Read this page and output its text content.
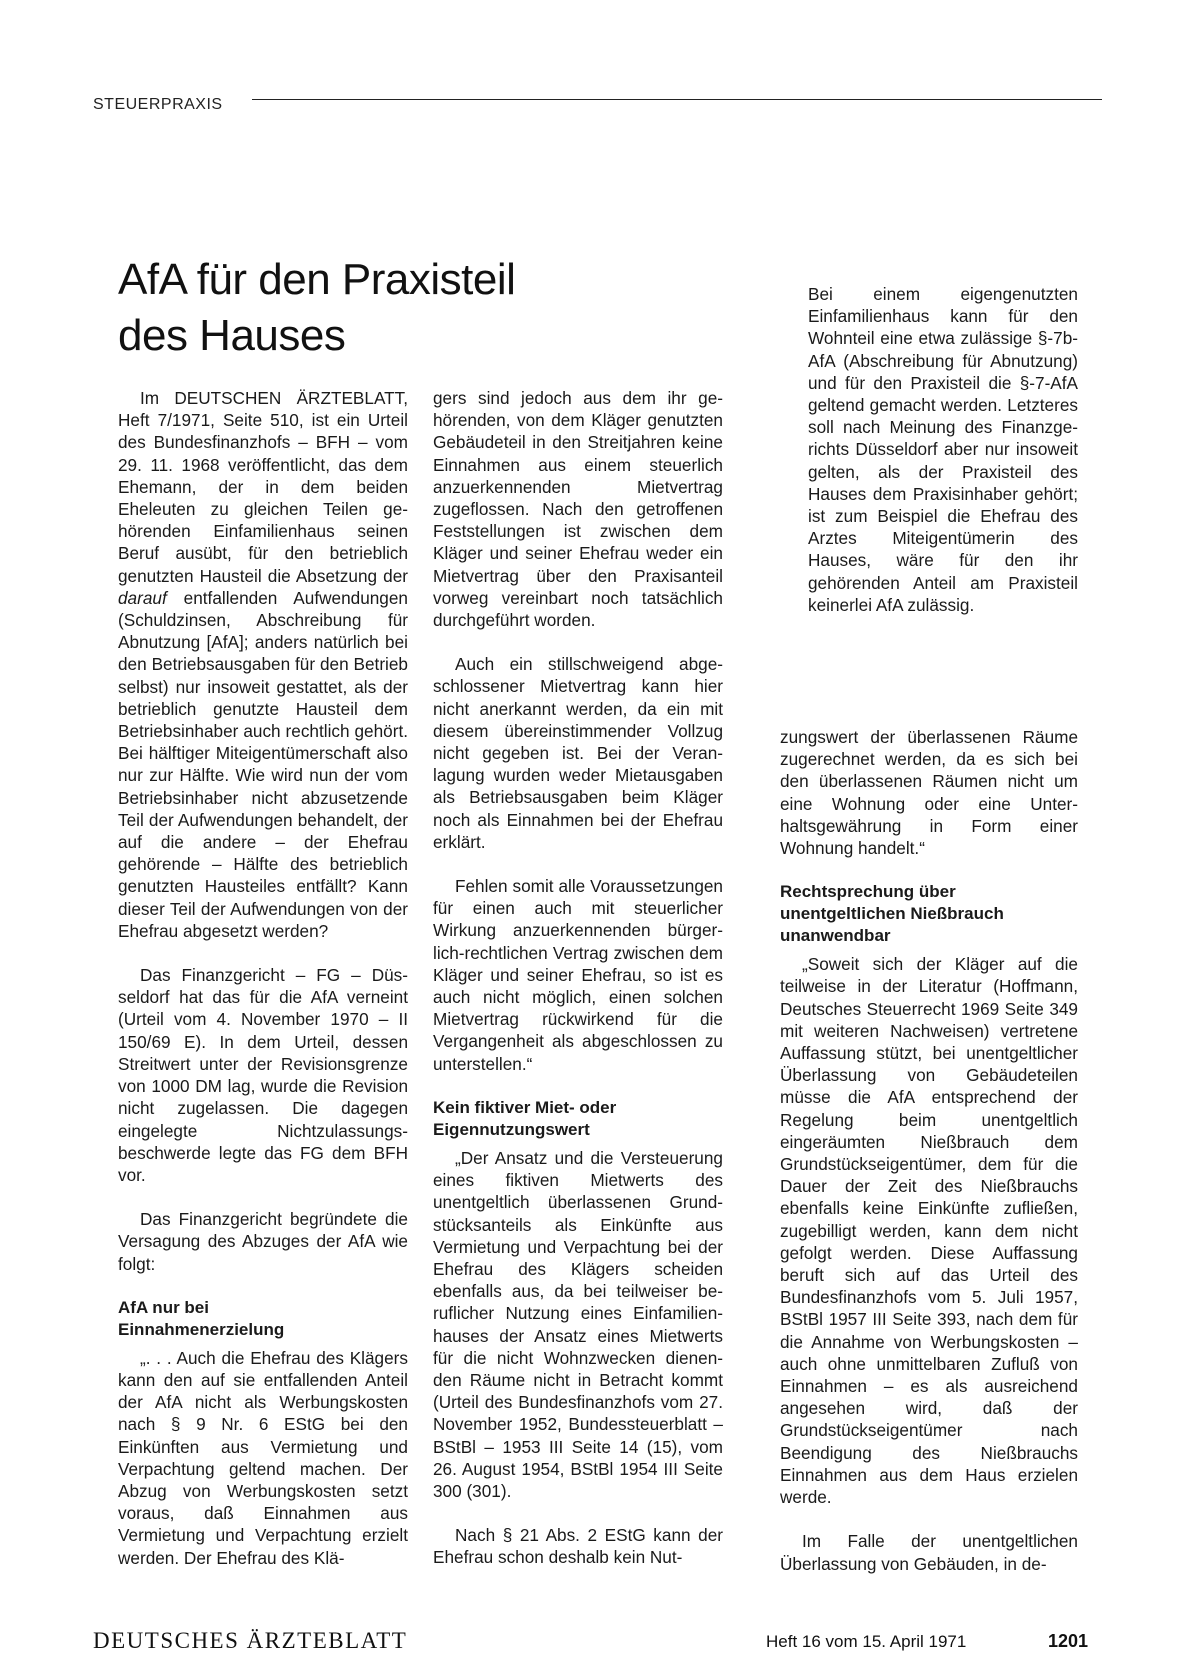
STEUERPRAXIS
AfA für den Praxisteil
des Hauses

Im DEUTSCHEN ÄRZTEBLATT, Heft 7/1971, Seite 510, ist ein Urteil des Bundesfinanzhofs – BFH – vom 29. 11. 1968 veröffentlicht, das dem Ehemann, der in dem beiden Eheleuten zu gleichen Teilen gehörenden Einfamilienhaus seinen Beruf ausübt, für den betrieblich genutzten Hausteil die Absetzung der darauf entfallenden Aufwendungen (Schuldzinsen, Abschreibung für Abnutzung [AfA]; anders natürlich bei den Betriebsausgaben für den Betrieb selbst) nur insoweit gestattet, als der betrieblich genutzte Hausteil dem Betriebsinhaber auch rechtlich gehört. Bei hälftiger Miteigentümerschaft also nur zur Hälfte. Wie wird nun der vom Betriebsinhaber nicht abzusetzende Teil der Aufwendungen behandelt, der auf die andere – der Ehefrau gehörende – Hälfte des betrieblich genutzten Hausteiles entfällt? Kann dieser Teil der Aufwendungen von der Ehefrau abgesetzt werden?

Das Finanzgericht – FG – Düsseldorf hat das für die AfA verneint (Urteil vom 4. November 1970 – II 150/69 E). In dem Urteil, dessen Streitwert unter der Revisionsgrenze von 1000 DM lag, wurde die Revision nicht zugelassen. Die dagegen eingelegte Nichtzulassungsbeschwerde legte das FG dem BFH vor.

Das Finanzgericht begründete die Versagung des Abzuges der AfA wie folgt:

AfA nur bei
Einnahmenerzielung

„. . . Auch die Ehefrau des Klägers kann den auf sie entfallenden Anteil der AfA nicht als Werbungskosten nach § 9 Nr. 6 EStG bei den Einkünften aus Vermietung und Verpachtung geltend machen. Der Abzug von Werbungskosten setzt voraus, daß Einnahmen aus Vermietung und Verpachtung erzielt werden. Der Ehefrau des Klä-

gers sind jedoch aus dem ihr gehörenden, von dem Kläger genutzten Gebäudeteil in den Streitjahren keine Einnahmen aus einem steuerlich anzuerkennenden Mietvertrag zugeflossen. Nach den getroffenen Feststellungen ist zwischen dem Kläger und seiner Ehefrau weder ein Mietvertrag über den Praxisanteil vorweg vereinbart noch tatsächlich durchgeführt worden.

Auch ein stillschweigend abgeschlossener Mietvertrag kann hier nicht anerkannt werden, da ein mit diesem übereinstimmender Vollzug nicht gegeben ist. Bei der Veranlagung wurden weder Mietausgaben als Betriebsausgaben beim Kläger noch als Einnahmen bei der Ehefrau erklärt.

Fehlen somit alle Voraussetzungen für einen auch mit steuerlicher Wirkung anzuerkennenden bürgerlich-rechtlichen Vertrag zwischen dem Kläger und seiner Ehefrau, so ist es auch nicht möglich, einen solchen Mietvertrag rückwirkend für die Vergangenheit als abgeschlossen zu unterstellen.“

Kein fiktiver Miet- oder
Eigennutzungswert

„Der Ansatz und die Versteuerung eines fiktiven Mietwerts des unentgeltlich überlassenen Grundstücksanteils als Einkünfte aus Vermietung und Verpachtung bei der Ehefrau des Klägers scheiden ebenfalls aus, da bei teilweiser beruflicher Nutzung eines Einfamilienhauses der Ansatz eines Mietwerts für die nicht Wohnzwecken dienenden Räume nicht in Betracht kommt (Urteil des Bundesfinanzhofs vom 27. November 1952, Bundessteuerblatt – BStBl – 1953 III Seite 14 (15), vom 26. August 1954, BStBl 1954 III Seite 300 (301).

Nach § 21 Abs. 2 EStG kann der Ehefrau schon deshalb kein Nut-

Bei einem eigengenutzten Einfamilienhaus kann für den Wohnteil eine etwa zulässige §-7b-AfA (Abschreibung für Abnutzung) und für den Praxisteil die §-7-AfA geltend gemacht werden. Letzteres soll nach Meinung des Finanzgerichts Düsseldorf aber nur insoweit gelten, als der Praxisteil des Hauses dem Praxisinhaber gehört; ist zum Beispiel die Ehefrau des Arztes Miteigentümerin des Hauses, wäre für den ihr gehörenden Anteil am Praxisteil keinerlei AfA zulässig.

zungswert der überlassenen Räume zugerechnet werden, da es sich bei den überlassenen Räumen nicht um eine Wohnung oder eine Unterhaltsgewährung in Form einer Wohnung handelt.“

Rechtsprechung über
unentgeltlichen Nießbrauch
unanwendbar

„Soweit sich der Kläger auf die teilweise in der Literatur (Hoffmann, Deutsches Steuerrecht 1969 Seite 349 mit weiteren Nachweisen) vertretene Auffassung stützt, bei unentgeltlicher Überlassung von Gebäudeteilen müsse die AfA entsprechend der Regelung beim unentgeltlich eingeräumten Nießbrauch dem Grundstückseigentümer, dem für die Dauer der Zeit des Nießbrauchs ebenfalls keine Einkünfte zufließen, zugebilligt werden, kann dem nicht gefolgt werden. Diese Auffassung beruft sich auf das Urteil des Bundesfinanzhofs vom 5. Juli 1957, BStBl 1957 III Seite 393, nach dem für die Annahme von Werbungskosten – auch ohne unmittelbaren Zufluß von Einnahmen – es als ausreichend angesehen wird, daß der Grundstückseigentümer nach Beendigung des Nießbrauchs Einnahmen aus dem Haus erzielen werde.

Im Falle der unentgeltlichen Überlassung von Gebäuden, in de-

DEUTSCHES ÄRZTEBLATT	Heft 16 vom 15. April 1971	1201
